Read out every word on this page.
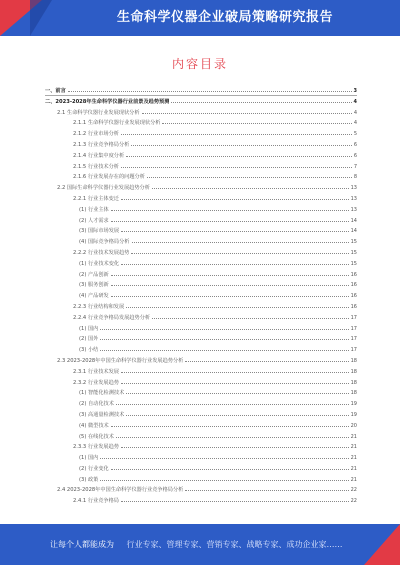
生命科学仪器企业破局策略研究报告
内容目录
一、前言	3
二、2023-2028年生命科学仪器行业前景及趋势预测	4
2.1 生命科学仪器行业发展现状分析	4
2.1.1 生命科学仪器行业发展现状分析	4
2.1.2 行业市场分析	5
2.1.3 行业竞争格局分析	6
2.1.4 行业集中度分析	6
2.1.5 行业技术分析	7
2.1.6 行业发展存在的问题分析	8
2.2 国际生命科学仪器行业发展趋势分析	13
2.2.1 行业主体变迁	13
(1) 行业主体	13
(2) 人才需求	14
(3) 国际市场发展	14
(4) 国际竞争格局分析	15
2.2.2 行业技术发展趋势	15
(1) 行业技术变化	15
(2) 产品创新	16
(3) 服务创新	16
(4) 产品研发	16
2.2.3 行业结构和发展	16
2.2.4 行业竞争格局发展趋势分析	17
(1) 国内	17
(2) 国外	17
(3) 小结	17
2.3 2023-2028年中国生命科学仪器行业发展趋势分析	18
2.3.1 行业技术发展	18
2.3.2 行业发展趋势	18
(1) 智能化检测技术	18
(2) 自动化技术	19
(3) 高通量检测技术	19
(4) 微型技术	20
(5) 在线化技术	21
2.3.3 行业发展趋势	21
(1) 国内	21
(2) 行业变化	21
(3) 政策	21
2.4 2023-2028年中国生命科学仪器行业竞争格局分析	22
2.4.1 行业竞争格局	22
让每个人都能成为 行业专家、管理专家、营销专家、战略专家、成功企业家……
